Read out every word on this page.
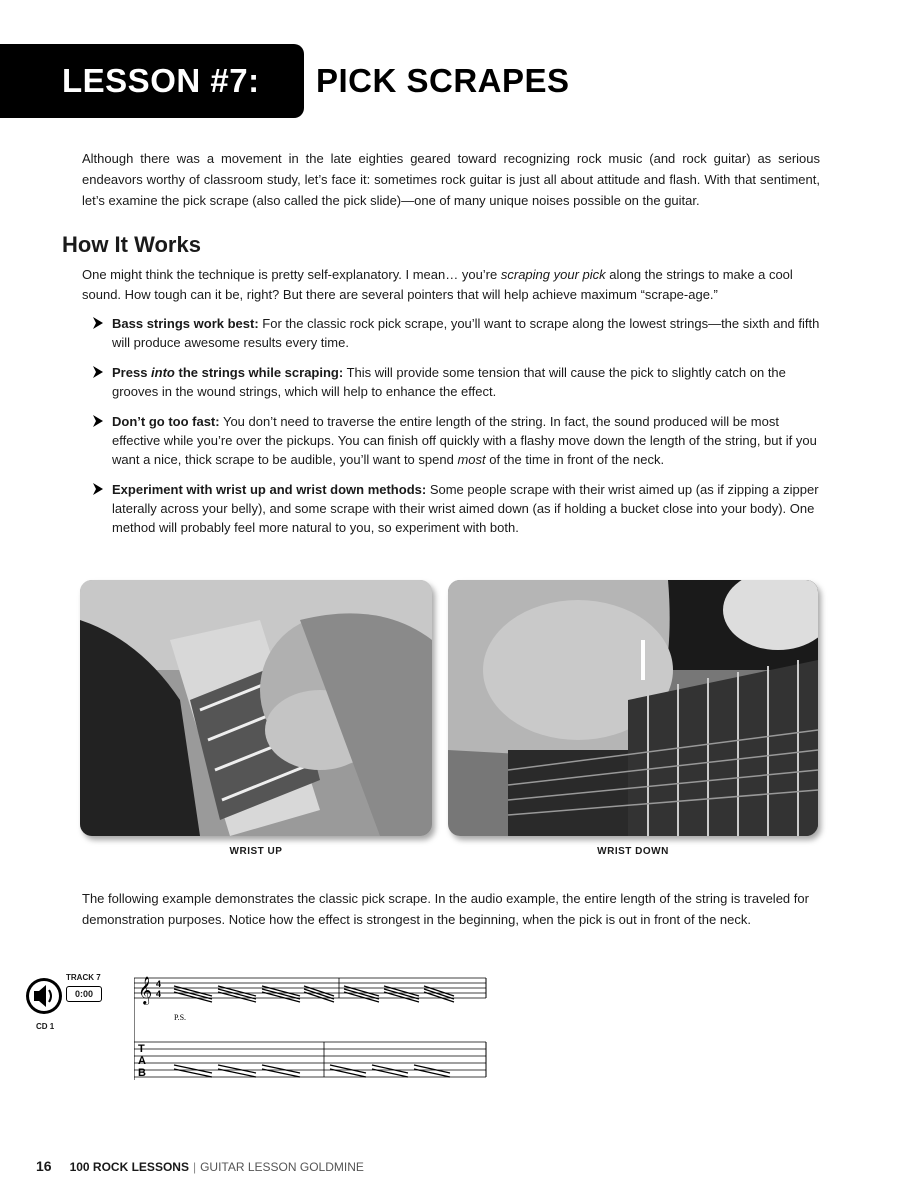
LESSON #7: PICK SCRAPES

Although there was a movement in the late eighties geared toward recognizing rock music (and rock guitar) as serious endeavors worthy of classroom study, let’s face it: sometimes rock guitar is just all about attitude and flash. With that sentiment, let’s examine the pick scrape (also called the pick slide)—one of many unique noises possible on the guitar.

How It Works

One might think the technique is pretty self-explanatory. I mean… you’re scraping your pick along the strings to make a cool sound. How tough can it be, right? But there are several pointers that will help achieve maximum “scrape-age.”

Bass strings work best: For the classic rock pick scrape, you’ll want to scrape along the lowest strings—the sixth and fifth will produce awesome results every time.
Press into the strings while scraping: This will provide some tension that will cause the pick to slightly catch on the grooves in the wound strings, which will help to enhance the effect.
Don’t go too fast: You don’t need to traverse the entire length of the string. In fact, the sound produced will be most effective while you’re over the pickups. You can finish off quickly with a flashy move down the length of the string, but if you want a nice, thick scrape to be audible, you’ll want to spend most of the time in front of the neck.
Experiment with wrist up and wrist down methods: Some people scrape with their wrist aimed up (as if zipping a zipper laterally across your belly), and some scrape with their wrist aimed down (as if holding a bucket close into your body). One method will probably feel more natural to you, so experiment with both.
WRIST UP	WRIST DOWN

The following example demonstrates the classic pick scrape. In the audio example, the entire length of the string is traveled for demonstration purposes. Notice how the effect is strongest in the beginning, when the pick is out in front of the neck.

TRACK 7
0:00
CD 1
𝄞 4
4
P.S.
T
A
B
16 100 ROCK LESSONS | GUITAR LESSON GOLDMINE
